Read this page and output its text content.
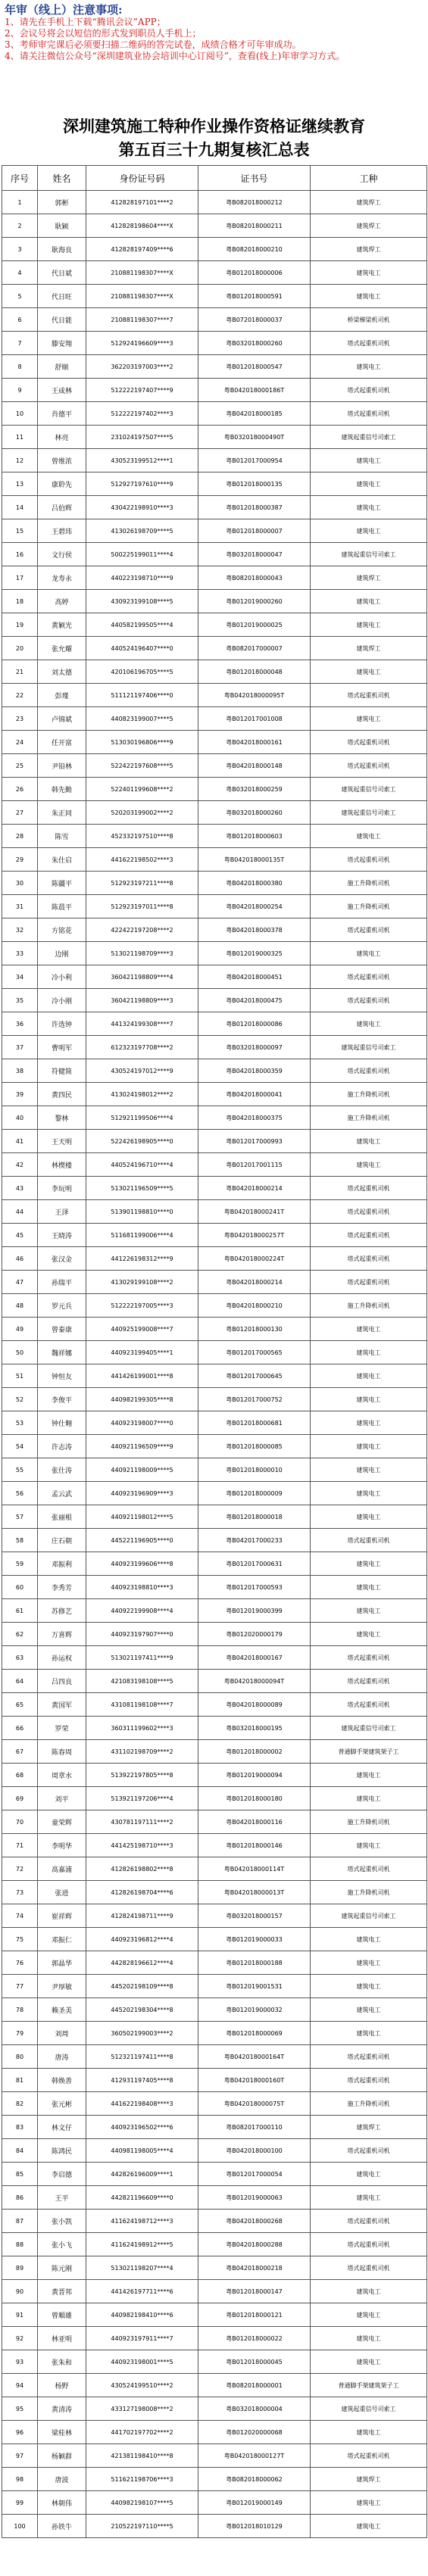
年审（线上）注意事项:
1、请先在手机上下载“腾讯会议”APP；
2、会议号将会以短信的形式发到职员人手机上；
3、考师审完课后必须要扫描二维码的答完试卷，成绩合格才可年审成功。
4、请关注微信公众号“深圳建筑业协会培训中心订阅号”，查看(线上)年审学习方式。
深圳建筑施工特种作业操作资格证继续教育
第五百三十九期复核汇总表
序号	姓名	身份证号码	证书号	工种
1	郭彬	412828197101****2	粤B082018000212	建筑焊工
2	耿颖	412828198604****X	粤B082018000211	建筑焊工
3	耿海良	412828197409****6	粤B082018000210	建筑焊工
4	代日斌	210881198307****X	粤B012018000006	建筑电工
5	代日旺	210881198307****X	粤B012018000591	建筑电工
6	代日能	210881198307****7	粤B072018000037	桥梁梯梁机司机
7	滕安翔	512924196609****3	粤B032018000260	塔式起重机司机
8	舒顺	362203197003****2	粤B012018000547	建筑电工
9	王成林	512222197407****9	粤B042018000186T	塔式起重机司机
10	肖德平	512222197402****3	粤B042018000185	塔式起重机司机
11	林亮	231024197507****5	粤B032018000490T	建筑起重信号司索工
12	曾维浓	430523199512****1	粤B012017000954	建筑电工
13	康聆先	512927197610****9	粤B012018000135	建筑电工
14	吕伯辉	430422198910****3	粤B012018000387	建筑电工
15	王碧玮	413026198709****5	粤B012018000007	建筑电工
16	文行侯	500225199011****4	粤B032018000047	建筑起重信号司索工
17	龙寿永	440223198710****9	粤B082018000043	建筑焊工
18	高婷	430923199108****5	粤B012019000260	建筑电工
19	黄颖光	440582199505****4	粤B012019000025	建筑电工
20	张允耀	440524196407****0	粤B082017000007	建筑焊工
21	刘太德	420106196705****5	粤B012018000048	建筑电工
22	彭瑾	511121197406****0	粤B042018000095T	塔式起重机司机
23	卢锦斌	440823199007****5	粤B012017001008	建筑电工
24	任开富	513030196806****9	粤B042018000161	塔式起重机司机
25	尹铅林	522422197608****5	粤B042018000148	塔式起重机司机
26	韩先勤	522401199608****2	粤B032018000259	建筑起重信号司索工
27	朱正同	520203199002****2	粤B032018000260	建筑起重信号司索工
28	陈雪	452332197510****8	粤B012018000603	建筑电工
29	朱仕启	441622198502****3	粤B042018000135T	塔式起重机司机
30	陈疆平	512923197211****8	粤B042018000380	施工升降机司机
31	陈晨平	512923197011****8	粤B042018000254	施工升降机司机
32	方铭花	422422197208****2	粤B042018000378	塔式起重机司机
33	边刚	513021198709****3	粤B012019000325	建筑电工
34	冷小利	360421198809****4	粤B042018000451	塔式起重机司机
35	冷小刚	360421198809****3	粤B042018000475	塔式起重机司机
36	许选钟	441324199308****7	粤B012018000086	建筑电工
37	曹明军	612323197708****2	粤B032018000097	建筑起重信号司索工
38	符健简	430524197012****9	粤B042018000359	塔式起重机司机
39	黄四民	413024198012****2	粤B042018000041	施工升降机司机
40	黎林	512921199506****4	粤B042018000375	施工升降机司机
41	王天明	522426198905****0	粤B012017000993	建筑电工
42	林楔楼	440524196710****4	粤B012017001115	建筑电工
43	李玩明	513021196509****5	粤B042018000214	塔式起重机司机
44	王泽	513901198810****0	粤B042018000241T	塔式起重机司机
45	王晓涛	511681199006****4	粤B042018000257T	塔式起重机司机
46	张汉金	441226198312****9	粤B042018000224T	塔式起重机司机
47	孙瑞平	413029199108****2	粤B042018000214	塔式起重机司机
48	罗元兵	512222197005****3	粤B042018000210	施工升降机司机
49	曾泰康	440925199008****7	粤B012018000130	建筑电工
50	魏祥娜	440923199405****1	粤B012017000565	建筑电工
51	钟恒友	441426199001****8	粤B012017000645	建筑电工
52	李俊平	440982199305****8	粤B012017000752	建筑电工
53	钟仕翱	440923198007****0	粤B012018000681	建筑电工
54	许志涛	440921196509****9	粤B012018000085	建筑电工
55	张仕涛	440921198009****5	粤B012018000010	建筑电工
56	孟云武	440923196909****3	粤B012018000009	建筑电工
57	张丽根	440921198012****5	粤B012018000018	建筑电工
58	庄石朝	445221196905****0	粤B042017000233	塔式起重机司机
59	邓振利	440923199606****8	粤B012017000631	建筑电工
60	李秀芳	440923198810****3	粤B012017000593	建筑电工
61	苏修艺	440922199908****4	粤B012019000399	建筑电工
62	万喜辉	440923197907****0	粤B012020000179	建筑电工
63	孙运权	513021197411****9	粤B042018000167	塔式起重机司机
64	吕四良	421083198108****5	粤B042018000094T	塔式起重机司机
65	黄国军	431081198108****7	粤B042018000089	塔式起重机司机
66	罗荣	360311199602****3	粤B032018000195	建筑起重信号司索工
67	陈春周	431102198709****2	粤B012018000002	普通脚手架建筑架子工
68	周章水	513922197805****8	粤B012019000094	建筑电工
69	刘平	513921197206****4	粤B012018000180	建筑电工
70	童荣辉	430781197111****2	粤B042018000116	施工升降机司机
71	李明华	441425198710****3	粤B012018000146	建筑电工
72	高嘉浦	412826198802****8	粤B042018000114T	塔式起重机司机
73	张进	412826198704****6	粤B042018000013T	施工升降机司机
74	崔祥辉	412824198711****9	粤B032018000157	建筑起重信号司索工
75	邓振仁	440923196812****4	粤B012019000033	建筑电工
76	郭晶华	442828196612****4	粤B012018000188	建筑电工
77	尹厚敏	445202198109****8	粤B012019001531	建筑电工
78	赖圣美	445202198304****8	粤B012019000032	建筑电工
79	刘周	360502199003****2	粤B012018000069	建筑电工
80	唐涛	512321197411****8	粤B042018000164T	塔式起重机司机
81	韩焕善	412931197405****8	粤B042018000160T	塔式起重机司机
82	张元彬	441622198408****3	粤B042018000075T	施工升降机司机
83	林文仔	440923196502****6	粤B082017000110	建筑焊工
84	陈鸿民	440981198005****4	粤B042018000100	塔式起重机司机
85	李启德	442826196009****1	粤B012017000054	建筑电工
86	王平	442821196609****0	粤B012019000063	建筑电工
87	张小凯	411624198712****3	粤B042018000268	塔式起重机司机
88	张小飞	411624198912****5	粤B042018000288	塔式起重机司机
89	陈元刚	513021198207****4	粤B042018000218	塔式起重机司机
90	黄晋邦	441426197711****6	粤B012018000147	建筑电工
91	曾順雄	440982198410****6	粤B012018000121	建筑电工
92	林亚明	440923197911****7	粤B012018000022	建筑电工
93	张朱和	440923198001****5	粤B012018000045	建筑电工
94	杨野	430524199510****2	粤B082018000001	普通脚手架建筑架子工
95	黄清涛	433127198008****2	粤B032018000004	建筑起重信号司索工
96	梁桂林	441702197702****2	粤B012020000068	建筑电工
97	杨颖群	421381198410****8	粤B042018000127T	塔式起重机司机
98	唐波	511621198706****3	粤B082018000062	建筑焊工
99	林朝伟	440982198107****5	粤B012019000149	建筑电工
100	孙铁牛	210522197110****5	粤B012018010129	建筑电工
